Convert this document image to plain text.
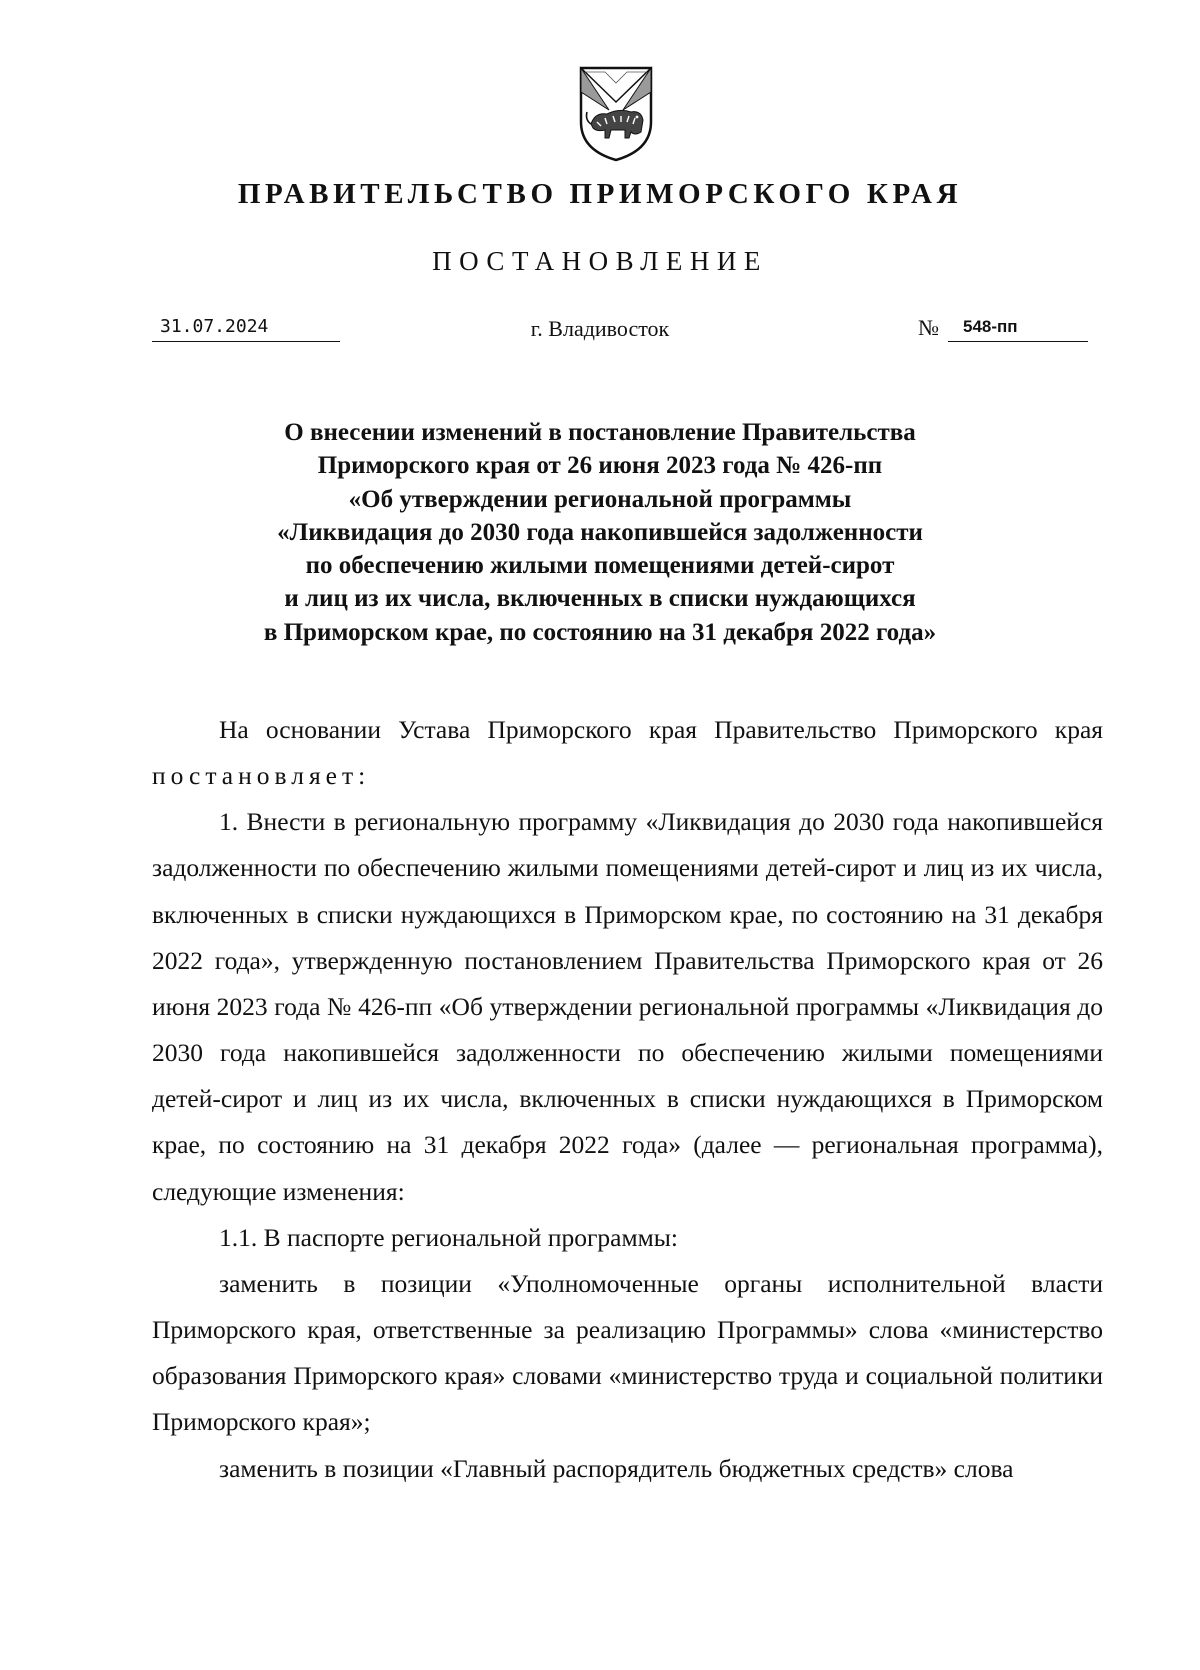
ПРАВИТЕЛЬСТВО ПРИМОРСКОГО КРАЯ
ПОСТАНОВЛЕНИЕ
31.07.2024	г. Владивосток	№	548-пп
О внесении изменений в постановление Правительства
Приморского края от 26 июня 2023 года № 426-пп
«Об утверждении региональной программы
«Ликвидация до 2030 года накопившейся задолженности
по обеспечению жилыми помещениями детей-сирот
и лиц из их числа, включенных в списки нуждающихся
в Приморском крае, по состоянию на 31 декабря 2022 года»

На основании Устава Приморского края Правительство Приморского края постановляет:

1. Внести в региональную программу «Ликвидация до 2030 года накопившейся задолженности по обеспечению жилыми помещениями детей-сирот и лиц из их числа, включенных в списки нуждающихся в Приморском крае, по состоянию на 31 декабря 2022 года», утвержденную постановлением Правительства Приморского края от 26 июня 2023 года № 426-пп «Об утверждении региональной программы «Ликвидация до 2030 года накопившейся задолженности по обеспечению жилыми помещениями детей-сирот и лиц из их числа, включенных в списки нуждающихся в Приморском крае, по состоянию на 31 декабря 2022 года» (далее — региональная программа), следующие изменения:

1.1. В паспорте региональной программы:

заменить в позиции «Уполномоченные органы исполнительной власти Приморского края, ответственные за реализацию Программы» слова «министерство образования Приморского края» словами «министерство труда и социальной политики Приморского края»;

заменить в позиции «Главный распорядитель бюджетных средств» слова
